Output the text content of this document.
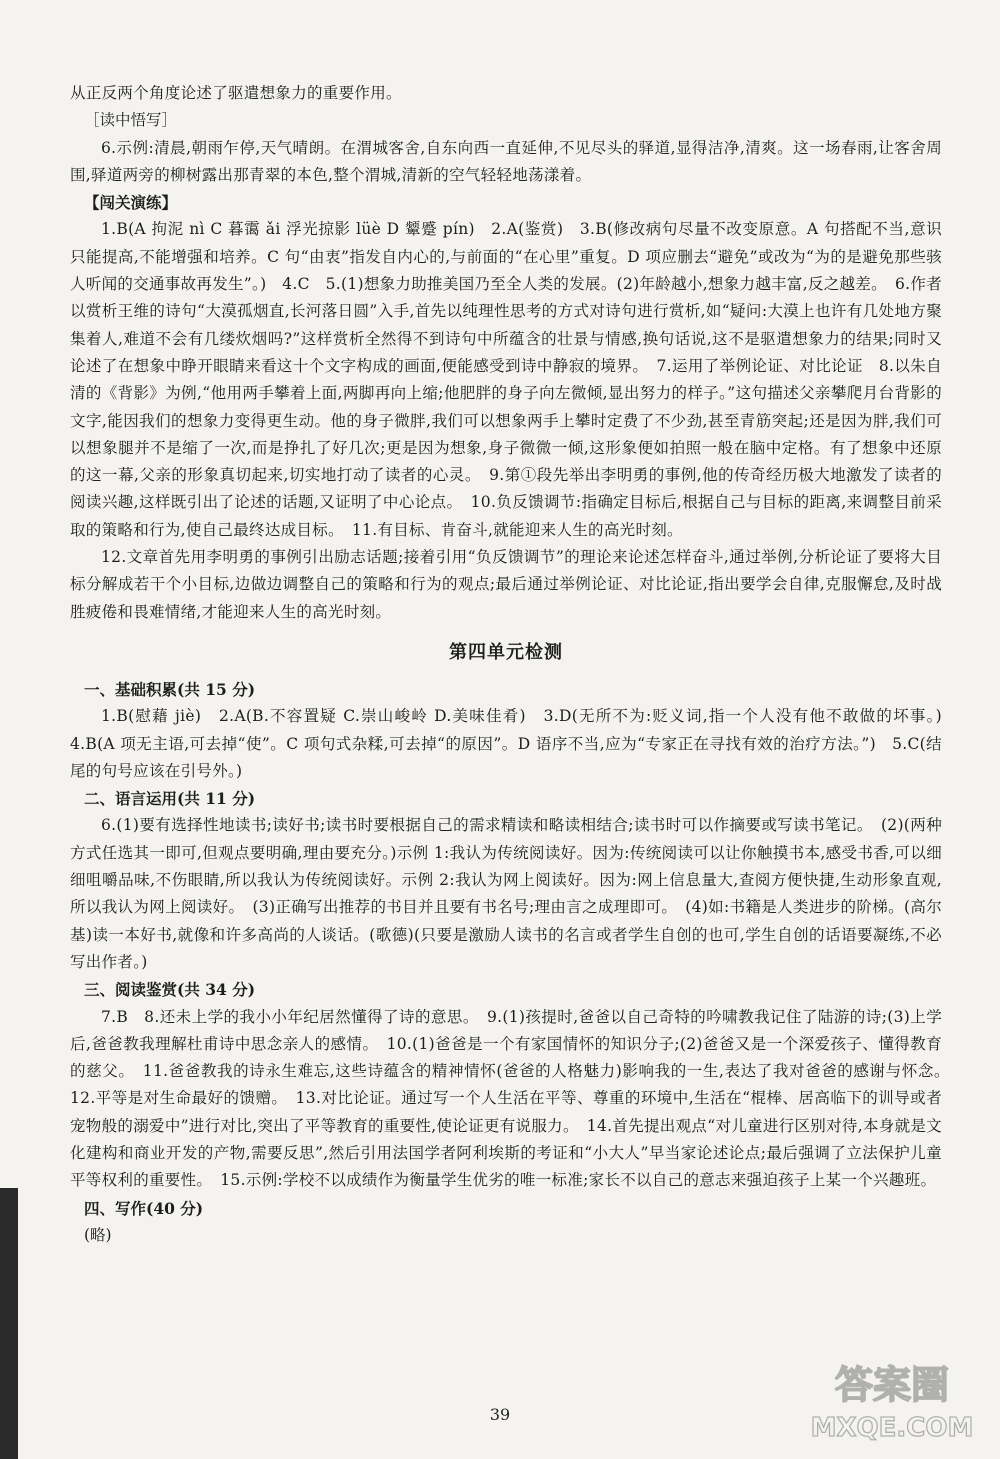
从正反两个角度论述了驱遣想象力的重要作用。

［读中悟写］

6.示例:清晨,朝雨乍停,天气晴朗。在渭城客舍,自东向西一直延伸,不见尽头的驿道,显得洁净,清爽。这一场春雨,让客舍周围,驿道两旁的柳树露出那青翠的本色,整个渭城,清新的空气轻轻地荡漾着。

【闯关演练】

1.B(A 拘泥 nì C 暮霭 ǎi 浮光掠影 lüè D 颦蹙 pín)　2.A(鉴赏)　3.B(修改病句尽量不改变原意。A 句搭配不当,意识只能提高,不能增强和培养。C 句“由衷”指发自内心的,与前面的“在心里”重复。D 项应删去“避免”或改为“为的是避免那些骇人听闻的交通事故再发生”。)　4.C　5.(1)想象力助推美国乃至全人类的发展。(2)年龄越小,想象力越丰富,反之越差。　6.作者以赏析王维的诗句“大漠孤烟直,长河落日圆”入手,首先以纯理性思考的方式对诗句进行赏析,如“疑问:大漠上也许有几处地方聚集着人,难道不会有几缕炊烟吗?”这样赏析全然得不到诗句中所蕴含的壮景与情感,换句话说,这不是驱遣想象力的结果;同时又论述了在想象中睁开眼睛来看这十个文字构成的画面,便能感受到诗中静寂的境界。　7.运用了举例论证、对比论证　8.以朱自清的《背影》为例,“他用两手攀着上面,两脚再向上缩;他肥胖的身子向左微倾,显出努力的样子。”这句描述父亲攀爬月台背影的文字,能因我们的想象力变得更生动。他的身子微胖,我们可以想象两手上攀时定费了不少劲,甚至青筋突起;还是因为胖,我们可以想象腿并不是缩了一次,而是挣扎了好几次;更是因为想象,身子微微一倾,这形象便如拍照一般在脑中定格。有了想象中还原的这一幕,父亲的形象真切起来,切实地打动了读者的心灵。　9.第①段先举出李明勇的事例,他的传奇经历极大地激发了读者的阅读兴趣,这样既引出了论述的话题,又证明了中心论点。　10.负反馈调节:指确定目标后,根据自己与目标的距离,来调整目前采取的策略和行为,使自己最终达成目标。　11.有目标、肯奋斗,就能迎来人生的高光时刻。

12.文章首先用李明勇的事例引出励志话题;接着引用“负反馈调节”的理论来论述怎样奋斗,通过举例,分析论证了要将大目标分解成若干个小目标,边做边调整自己的策略和行为的观点;最后通过举例论证、对比论证,指出要学会自律,克服懈怠,及时战胜疲倦和畏难情绪,才能迎来人生的高光时刻。

第四单元检测

一、基础积累(共 15 分)

1.B(慰藉 jiè)　2.A(B.不容置疑 C.崇山峻岭 D.美味佳肴)　3.D(无所不为:贬义词,指一个人没有他不敢做的坏事。)　4.B(A 项无主语,可去掉“使”。C 项句式杂糅,可去掉“的原因”。D 语序不当,应为“专家正在寻找有效的治疗方法。”)　5.C(结尾的句号应该在引号外。)

二、语言运用(共 11 分)

6.(1)要有选择性地读书;读好书;读书时要根据自己的需求精读和略读相结合;读书时可以作摘要或写读书笔记。　(2)(两种方式任选其一即可,但观点要明确,理由要充分。)示例 1:我认为传统阅读好。因为:传统阅读可以让你触摸书本,感受书香,可以细细咀嚼品味,不伤眼睛,所以我认为传统阅读好。示例 2:我认为网上阅读好。因为:网上信息量大,查阅方便快捷,生动形象直观,所以我认为网上阅读好。　(3)正确写出推荐的书目并且要有书名号;理由言之成理即可。　(4)如:书籍是人类进步的阶梯。(高尔基)读一本好书,就像和许多高尚的人谈话。(歌德)(只要是激励人读书的名言或者学生自创的也可,学生自创的话语要凝练,不必写出作者。)

三、阅读鉴赏(共 34 分)

7.B　8.还未上学的我小小年纪居然懂得了诗的意思。　9.(1)孩提时,爸爸以自己奇特的吟啸教我记住了陆游的诗;(3)上学后,爸爸教我理解杜甫诗中思念亲人的感情。　10.(1)爸爸是一个有家国情怀的知识分子;(2)爸爸又是一个深爱孩子、懂得教育的慈父。　11.爸爸教我的诗永生难忘,这些诗蕴含的精神情怀(爸爸的人格魅力)影响我的一生,表达了我对爸爸的感谢与怀念。　12.平等是对生命最好的馈赠。　13.对比论证。通过写一个人生活在平等、尊重的环境中,生活在“棍棒、居高临下的训导或者宠物般的溺爱中”进行对比,突出了平等教育的重要性,使论证更有说服力。　14.首先提出观点“对儿童进行区别对待,本身就是文化建构和商业开发的产物,需要反思”,然后引用法国学者阿利埃斯的考证和“小大人”早当家论述论点;最后强调了立法保护儿童平等权利的重要性。　15.示例:学校不以成绩作为衡量学生优劣的唯一标准;家长不以自己的意志来强迫孩子上某一个兴趣班。

四、写作(40 分)

(略)

39
答案圈
MXQE.COM
